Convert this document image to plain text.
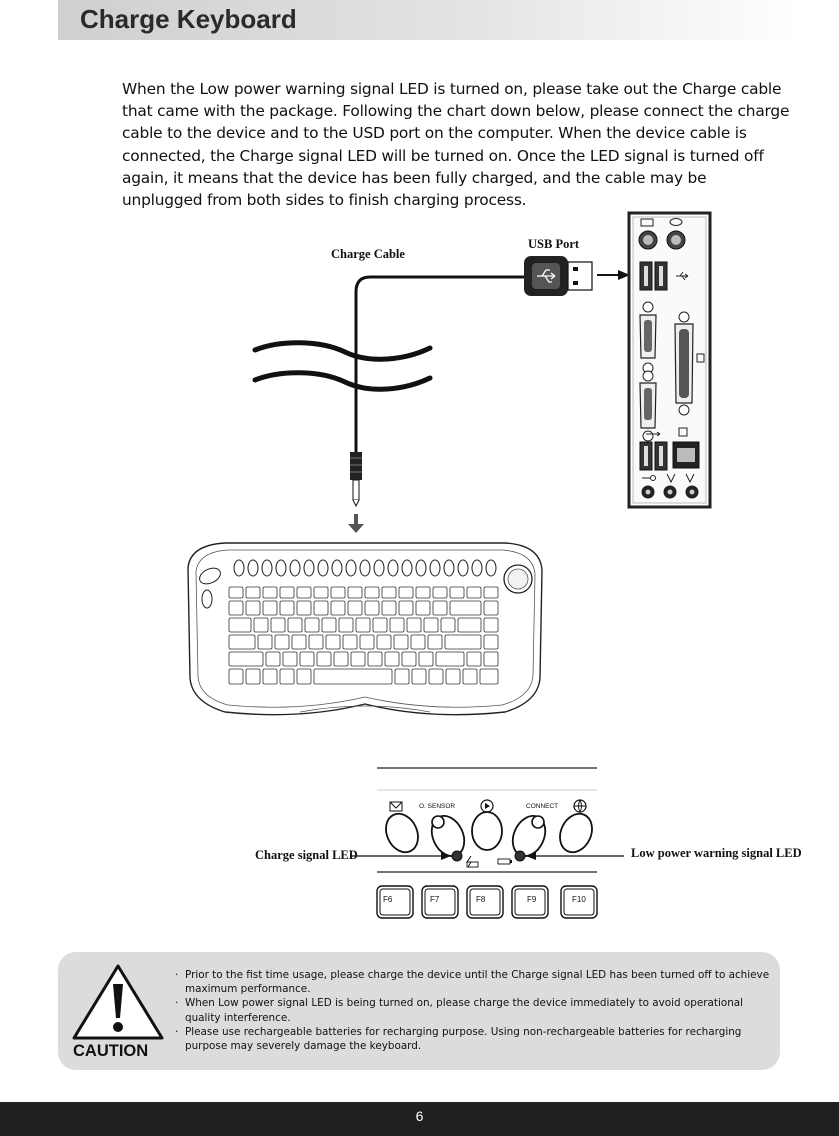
Charge Keyboard

When the Low power warning signal LED is turned on, please take out the Charge cable that came with the package. Following the chart down below, please connect the charge cable to the device and to the USD port on the computer. When the device cable is connected, the Charge signal LED will be turned on. Once the LED signal is turned off again, it means that the device has been fully charged, and the cable may be unplugged from both sides to finish charging process.

O. SENSOR	CONNECT
F6	F7	F8	F9	F10
Charge Cable
USB Port
Charge signal LED	Low power warning signal LED
CAUTION
· Prior to the fist time usage, please charge the device until the Charge signal LED has been turned off to achieve maximum performance.
· When Low power signal LED is being turned on, please charge the device immediately to avoid operational quality interference.
· Please use rechargeable batteries for recharging purpose. Using non-rechargeable batteries for recharging purpose may severely damage the keyboard.
6
